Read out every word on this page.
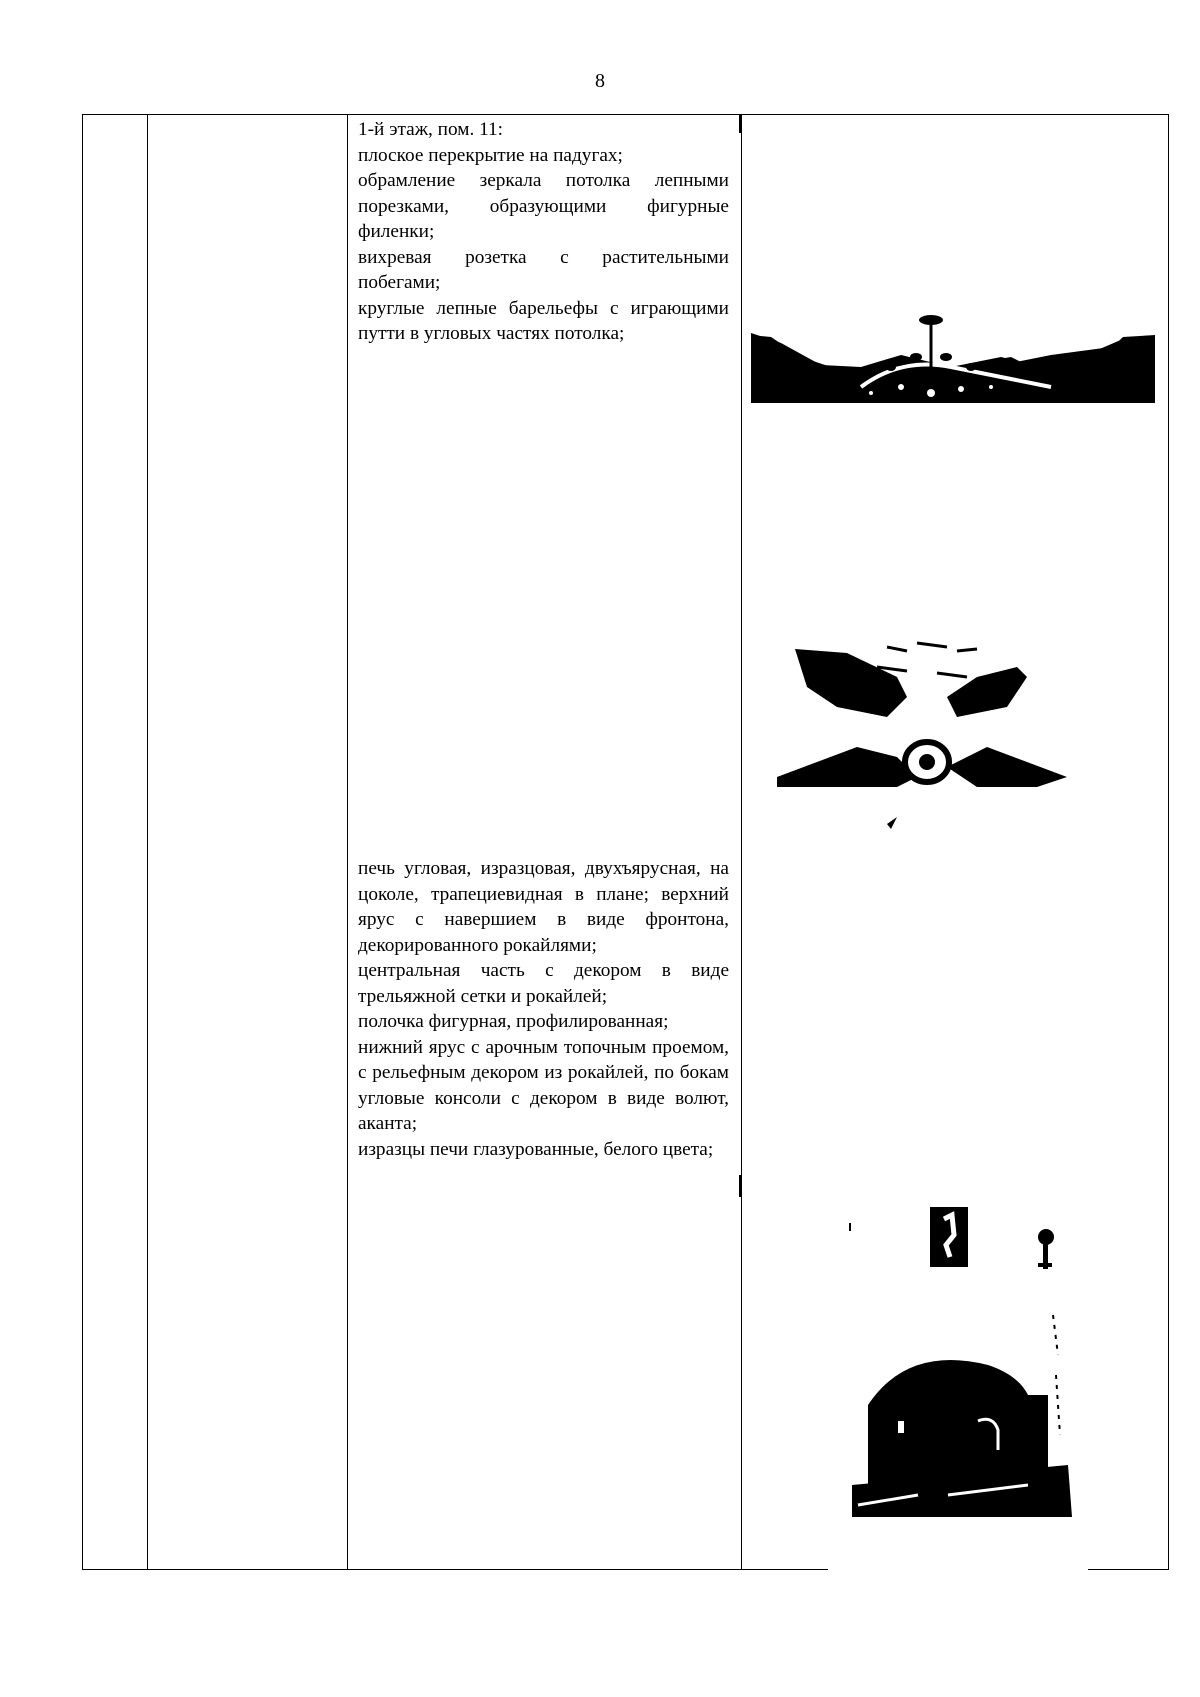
8

1-й этаж, пом. 11:

плоское перекрытие на падугах;

обрамление зеркала потолка лепными порезками, образующими фигурные филенки;

вихревая розетка с растительными побегами;

круглые лепные барельефы с играющими путти в угловых частях потолка;

печь угловая, изразцовая, двухъярусная, на цоколе, трапециевидная в плане; верхний ярус с навершием в виде фронтона, декорированного рокайлями;

центральная часть с декором в виде трельяжной сетки и рокайлей;

полочка фигурная, профилированная;

нижний ярус с арочным топочным проемом, с рельефным декором из рокайлей, по бокам угловые консоли с декором в виде волют, аканта;

изразцы печи глазурованные, белого цвета;
